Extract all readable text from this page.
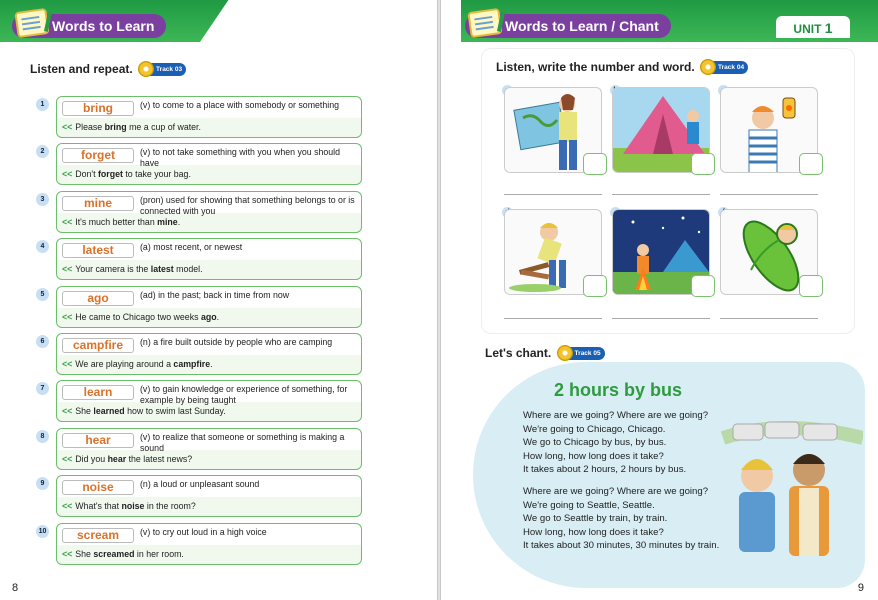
Words to Learn
Listen and repeat.	Track 03
1	bring	(v) to come to a place with somebody or something
<< Please bring me a cup of water.
2	forget	(v) to not take something with you when you should have
<< Don't forget to take your bag.
3	mine	(pron) used for showing that something belongs to or is connected with you
<< It's much better than mine.
4	latest	(a) most recent, or newest
<< Your camera is the latest model.
5	ago	(ad) in the past; back in time from now
<< He came to Chicago two weeks ago.
6	campfire	(n) a fire built outside by people who are camping
<< We are playing around a campfire.
7	learn	(v) to gain knowledge or experience of something, for example by being taught
<< She learned how to swim last Sunday.
8	hear	(v) to realize that someone or something is making a sound
<< Did you hear the latest news?
9	noise	(n) a loud or unpleasant sound
<< What's that noise in the room?
10	scream	(v) to cry out loud in a high voice
<< She screamed in her room.
8
Words to Learn / Chant	UNIT 1
Listen, write the number and word.	Track 04
Let's chant.	Track 05
2 hours by bus
Where are we going? Where are we going?
We're going to Chicago, Chicago.
We go to Chicago by bus, by bus.
How long, how long does it take?
It takes about 2 hours, 2 hours by bus.
Where are we going? Where are we going?
We're going to Seattle, Seattle.
We go to Seattle by train, by train.
How long, how long does it take?
It takes about 30 minutes, 30 minutes by train.
9
